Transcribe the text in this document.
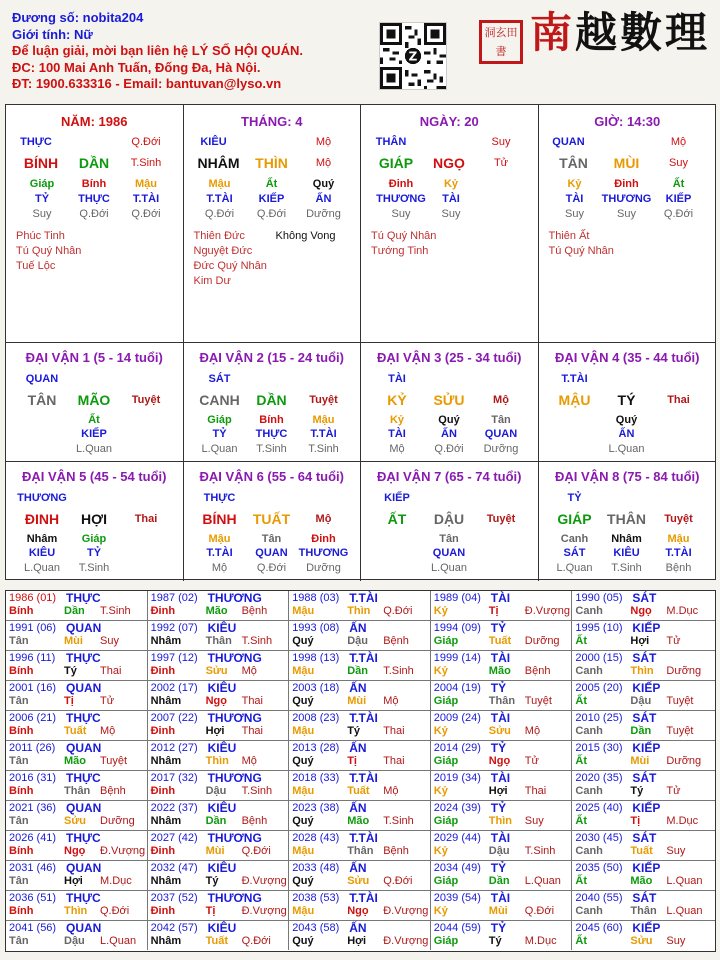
Đương số: nobita204
Giới tính: Nữ
Để luận giải, mời bạn liên hệ LÝ SỐ HỘI QUÁN.
ĐC: 100 Mai Anh Tuấn, Đống Đa, Hà Nội.
ĐT: 1900.633316 - Email: bantuvan@lyso.vn
Z
洞玄田書 南越數理
NĂM: 1986
THỰC	Q.Đới
BÍNH DẦN T.Sinh
Giáp
TỶ
Suy
Bính
THỰC
Q.Đới
Mậu
T.TÀI
Q.Đới
Phúc Tinh
Tú Quý Nhân
Tuế Lộc
THÁNG: 4
KIÊU	Mộ
NHÂM THÌN	Mộ
Mậu
T.TÀI
Q.Đới
Ất
KIẾP
Q.Đới
Quý
ẤN
Dưỡng
Thiên Đức
Nguyệt Đức
Đức Quý Nhân
Kim Dư
Không Vong
NGÀY: 20
THÂN	Suy
GIÁP NGỌ	Tử
Đinh
THƯƠNG
Suy
Kỷ
TÀI
Suy
Tú Quý Nhân
Tướng Tinh
GIỜ: 14:30
QUAN	Mộ
TÂN MÙI	Suy
Kỷ
TÀI
Suy
Đinh
THƯƠNG
Suy
Ất
KIẾP
Q.Đới
Thiên Ất
Tú Quý Nhân
ĐẠI VẬN 1 (5 - 14 tuổi)
QUAN
TÂN MÃO Tuyệt
Ất
KIẾP
L.Quan
ĐẠI VẬN 2 (15 - 24 tuổi)
SÁT
CANH DẦN Tuyệt
Giáp
TỶ
L.Quan
Bính
THỰC
T.Sinh
Mậu
T.TÀI
T.Sinh
ĐẠI VẬN 3 (25 - 34 tuổi)
TÀI
KỶ SỬU	Mộ
Kỷ
TÀI
Mộ
Quý
ẤN
Q.Đới
Tân
QUAN
Dưỡng
ĐẠI VẬN 4 (35 - 44 tuổi)
T.TÀI
MẬU TÝ	Thai
Quý
ẤN
L.Quan
ĐẠI VẬN 5 (45 - 54 tuổi)
THƯƠNG
ĐINH HỢI	Thai
Nhâm
KIÊU
L.Quan
Giáp
TỶ
T.Sinh
ĐẠI VẬN 6 (55 - 64 tuổi)
THỰC
BÍNH TUẤT Mộ
Mậu
T.TÀI
Mộ
Tân
QUAN
Q.Đới
Đinh
THƯƠNG
Dưỡng
ĐẠI VẬN 7 (65 - 74 tuổi)
KIẾP
ẤT DẬU Tuyệt
Tân
QUAN
L.Quan
ĐẠI VẬN 8 (75 - 84 tuổi)
TỶ
GIÁP THÂN Tuyệt
Canh
SÁT
L.Quan
Nhâm
KIÊU
T.Sinh
Mậu
T.TÀI
Bệnh
1986 (01) THỰC
Bính	Dần T.Sinh
1987 (02) THƯƠNG
Đinh	Mão Bệnh
1988 (03) T.TÀI
Mậu	Thìn Q.Đới
1989 (04) TÀI
Kỷ	Tị Đ.Vượng
1990 (05) SÁT
Canh	Ngọ M.Dục
1991 (06) QUAN
Tân	Mùi Suy
1992 (07) KIÊU
Nhâm Thân T.Sinh
1993 (08) ẤN
Quý	Dậu Bệnh
1994 (09) TỶ
Giáp	Tuất Dưỡng
1995 (10) KIẾP
Ất	Hợi Tử
1996 (11) THỰC
Bính	Tý Thai
1997 (12) THƯƠNG
Đinh	Sửu Mộ
1998 (13) T.TÀI
Mậu	Dần T.Sinh
1999 (14) TÀI
Kỷ	Mão Bệnh
2000 (15) SÁT
Canh	Thìn Dưỡng
2001 (16) QUAN
Tân	Tị Tử
2002 (17) KIÊU
Nhâm Ngọ Thai
2003 (18) ẤN
Quý	Mùi Mộ
2004 (19) TỶ
Giáp	Thân Tuyệt
2005 (20) KIẾP
Ất	Dậu Tuyệt
2006 (21) THỰC
Bính	Tuất Mộ
2007 (22) THƯƠNG
Đinh	Hợi Thai
2008 (23) T.TÀI
Mậu	Tý Thai
2009 (24) TÀI
Kỷ	Sửu Mộ
2010 (25) SÁT
Canh	Dần Tuyệt
2011 (26) QUAN
Tân	Mão Tuyệt
2012 (27) KIÊU
Nhâm Thìn Mộ
2013 (28) ẤN
Quý	Tị Thai
2014 (29) TỶ
Giáp	Ngọ Tử
2015 (30) KIẾP
Ất	Mùi Dưỡng
2016 (31) THỰC
Bính	Thân Bệnh
2017 (32) THƯƠNG
Đinh	Dậu T.Sinh
2018 (33) T.TÀI
Mậu	Tuất Mộ
2019 (34) TÀI
Kỷ	Hợi Thai
2020 (35) SÁT
Canh	Tý Tử
2021 (36) QUAN
Tân	Sửu Dưỡng
2022 (37) KIÊU
Nhâm Dần Bệnh
2023 (38) ẤN
Quý	Mão T.Sinh
2024 (39) TỶ
Giáp	Thìn Suy
2025 (40) KIẾP
Ất	Tị M.Dục
2026 (41) THỰC
Bính	Ngọ Đ.Vượng
2027 (42) THƯƠNG
Đinh	Mùi Q.Đới
2028 (43) T.TÀI
Mậu	Thân Bệnh
2029 (44) TÀI
Kỷ	Dậu T.Sinh
2030 (45) SÁT
Canh	Tuất Suy
2031 (46) QUAN
Tân	Hợi M.Dục
2032 (47) KIÊU
Nhâm Tý Đ.Vượng
2033 (48) ẤN
Quý	Sửu Q.Đới
2034 (49) TỶ
Giáp	Dần L.Quan
2035 (50) KIẾP
Ất	Mão L.Quan
2036 (51) THỰC
Bính	Thìn Q.Đới
2037 (52) THƯƠNG
Đinh	Tị Đ.Vượng
2038 (53) T.TÀI
Mậu	Ngọ Đ.Vượng
2039 (54) TÀI
Kỷ	Mùi Q.Đới
2040 (55) SÁT
Canh	Thân L.Quan
2041 (56) QUAN
Tân	Dậu L.Quan
2042 (57) KIÊU
Nhâm Tuất Q.Đới
2043 (58) ẤN
Quý	Hợi Đ.Vượng
2044 (59) TỶ
Giáp	Tý M.Dục
2045 (60) KIẾP
Ất	Sửu Suy
